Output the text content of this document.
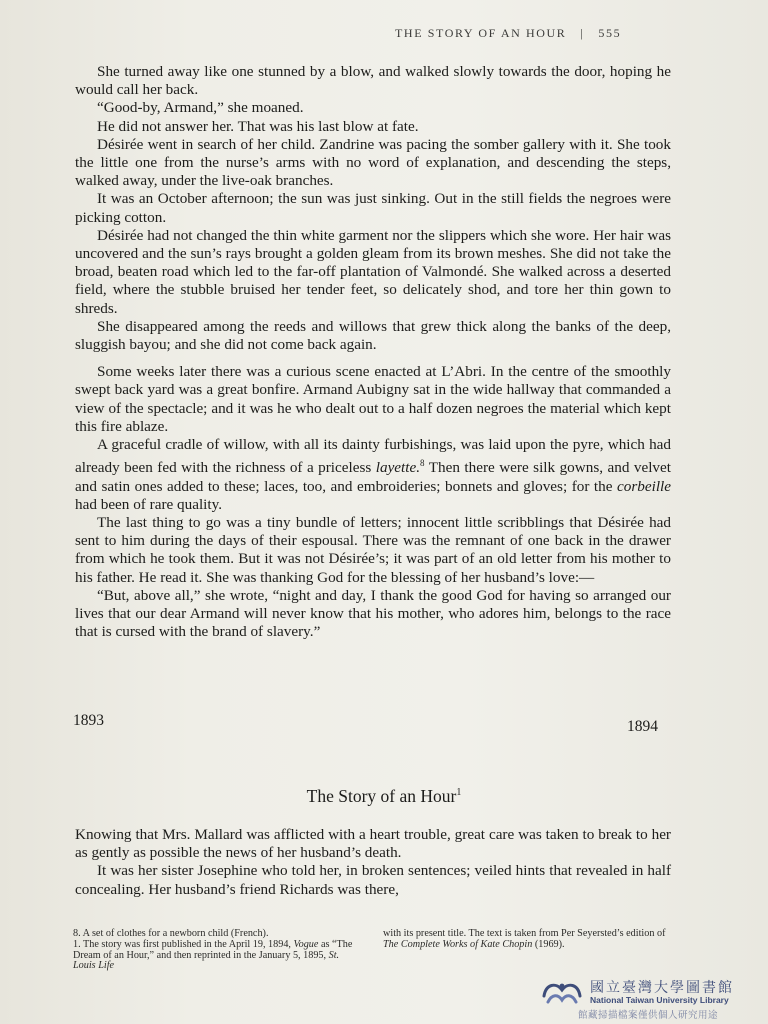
THE STORY OF AN HOUR | 555

She turned away like one stunned by a blow, and walked slowly towards the door, hoping he would call her back.

“Good-by, Armand,” she moaned.

He did not answer her. That was his last blow at fate.

Désirée went in search of her child. Zandrine was pacing the somber gallery with it. She took the little one from the nurse’s arms with no word of explanation, and descending the steps, walked away, under the live-oak branches.

It was an October afternoon; the sun was just sinking. Out in the still fields the negroes were picking cotton.

Désirée had not changed the thin white garment nor the slippers which she wore. Her hair was uncovered and the sun’s rays brought a golden gleam from its brown meshes. She did not take the broad, beaten road which led to the far-off plantation of Valmondé. She walked across a deserted field, where the stubble bruised her tender feet, so delicately shod, and tore her thin gown to shreds.

She disappeared among the reeds and willows that grew thick along the banks of the deep, sluggish bayou; and she did not come back again.

Some weeks later there was a curious scene enacted at L’Abri. In the centre of the smoothly swept back yard was a great bonfire. Armand Aubigny sat in the wide hallway that commanded a view of the spectacle; and it was he who dealt out to a half dozen negroes the material which kept this fire ablaze.

A graceful cradle of willow, with all its dainty furbishings, was laid upon the pyre, which had already been fed with the richness of a priceless layette.$^8$ Then there were silk gowns, and velvet and satin ones added to these; laces, too, and embroideries; bonnets and gloves; for the corbeille had been of rare quality.

The last thing to go was a tiny bundle of letters; innocent little scribblings that Désirée had sent to him during the days of their espousal. There was the remnant of one back in the drawer from which he took them. But it was not Désirée’s; it was part of an old letter from his mother to his father. He read it. She was thanking God for the blessing of her husband’s love:—

“But, above all,” she wrote, “night and day, I thank the good God for having so arranged our lives that our dear Armand will never know that his mother, who adores him, belongs to the race that is cursed with the brand of slavery.”

1893	1894
The Story of an Hour$^1$

Knowing that Mrs. Mallard was afflicted with a heart trouble, great care was taken to break to her as gently as possible the news of her husband’s death.

It was her sister Josephine who told her, in broken sentences; veiled hints that revealed in half concealing. Her husband’s friend Richards was there,

8. A set of clothes for a newborn child (French).
1. The story was first published in the April 19, 1894, Vogue as “The Dream of an Hour,” and then reprinted in the January 5, 1895, St. Louis Life
with its present title. The text is taken from Per Seyersted’s edition of The Complete Works of Kate Chopin (1969).
國立臺灣大學圖書館
National Taiwan University Library
館藏掃描檔案僅供個人研究用途
